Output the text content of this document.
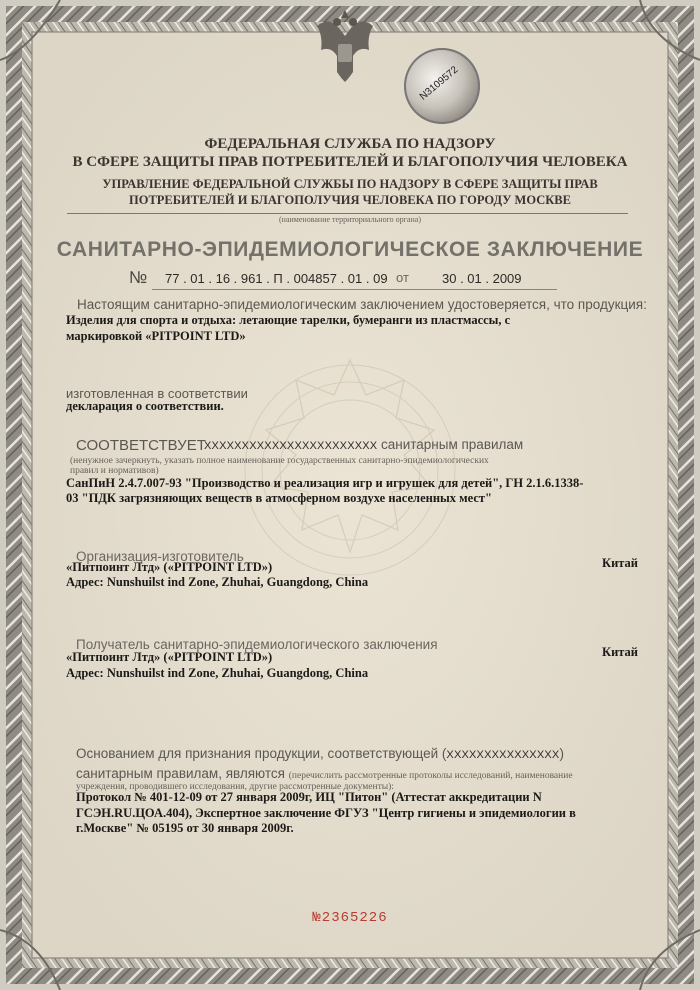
N3109572
ФЕДЕРАЛЬНАЯ СЛУЖБА ПО НАДЗОРУ
В СФЕРЕ ЗАЩИТЫ ПРАВ ПОТРЕБИТЕЛЕЙ И БЛАГОПОЛУЧИЯ ЧЕЛОВЕКА
УПРАВЛЕНИЕ ФЕДЕРАЛЬНОЙ СЛУЖБЫ ПО НАДЗОРУ В СФЕРЕ ЗАЩИТЫ ПРАВ
ПОТРЕБИТЕЛЕЙ И БЛАГОПОЛУЧИЯ ЧЕЛОВЕКА ПО ГОРОДУ МОСКВЕ
(наименование территориального органа)
САНИТАРНО-ЭПИДЕМИОЛОГИЧЕСКОЕ ЗАКЛЮЧЕНИЕ
№ 77 . 01 . 16 . 961 . П . 004857 . 01 . 09 от	30 . 01 . 2009
Настоящим санитарно-эпидемиологическим заключением удостоверяется, что продукция:
Изделия для спорта и отдыха: летающие тарелки, бумеранги из пластмассы, с
маркировкой «PITPOINT LTD»
изготовленная в соответствии
декларация о соответствии.
СООТВЕТСТВУЕТ
XXXXXXXXXXXXXXXXXXXXXXX санитарным правилам
(ненужное зачеркнуть, указать полное наименование государственных санитарно-эпидемиологических
правил и нормативов)
СанПиН 2.4.7.007-93 "Производство и реализация игр и игрушек для детей", ГН 2.1.6.1338-
03 "ПДК загрязняющих веществ в атмосферном воздухе населенных мест"
Организация-изготовитель
«Питпоинт Лтд» («PITPOINT LTD»)	Китай
Адрес: Nunshuilst ind Zone, Zhuhai, Guangdong, China
Получатель санитарно-эпидемиологического заключения
«Питпоинт Лтд» («PITPOINT LTD»)	Китай
Адрес: Nunshuilst ind Zone, Zhuhai, Guangdong, China
Основанием для признания продукции, соответствующей (XXXXXXXXXXXXXXX)
санитарным правилам, являются (перечислить рассмотренные протоколы исследований, наименование
учреждения, проводившего исследования, другие рассмотренные документы):
Протокол № 401-12-09 от 27 января 2009г, ИЦ "Питон" (Аттестат аккредитации N
ГСЭН.RU.ЦОА.404), Экспертное заключение ФГУЗ "Центр гигиены и эпидемиологии в
г.Москве" № 05195 от 30 января 2009г.
№2365226
